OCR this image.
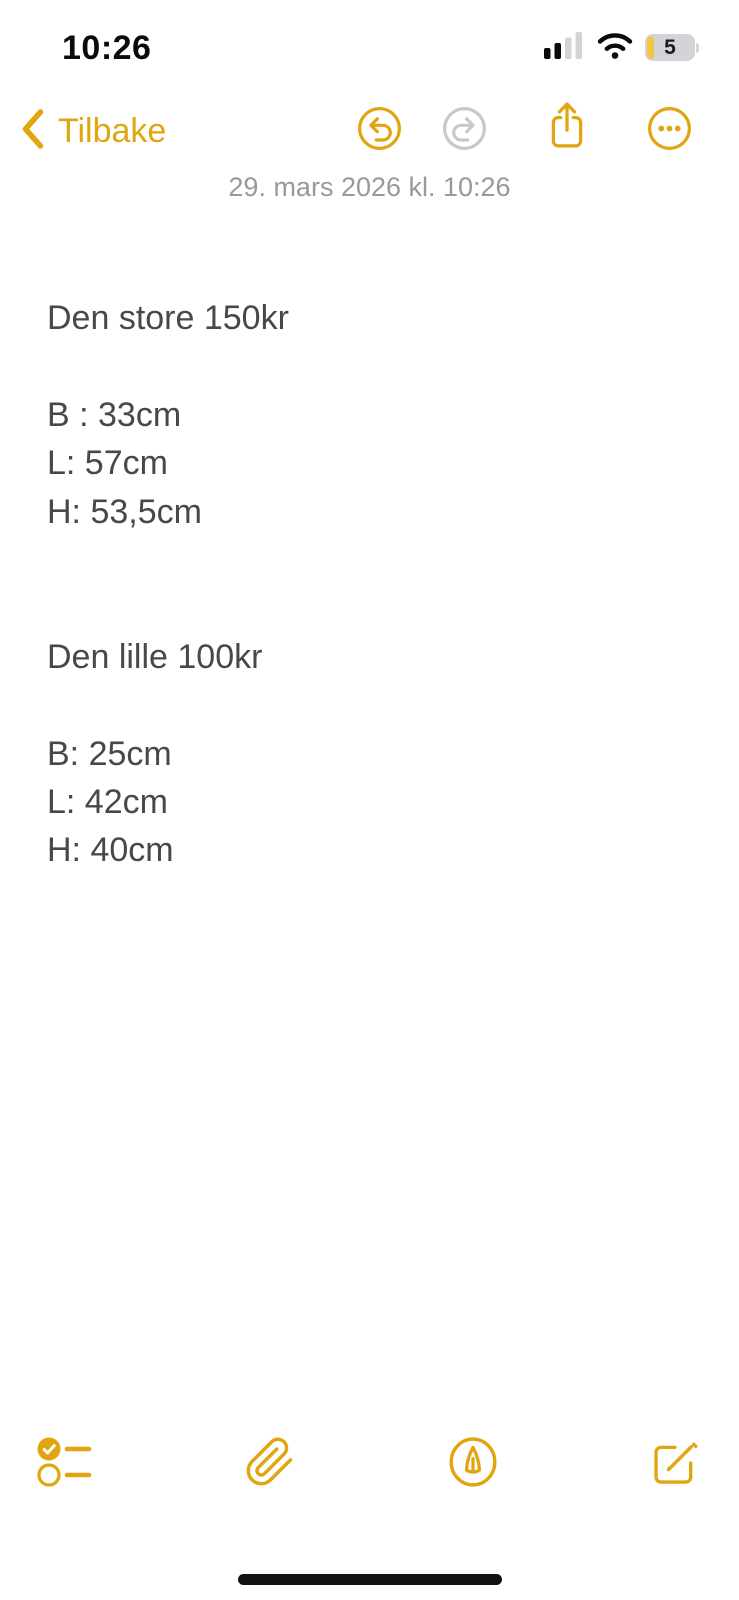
10:26	5
Tilbake
29. mars 2026 kl. 10:26
Den store 150kr
B : 33cm
L: 57cm
H: 53,5cm
Den lille 100kr
B: 25cm
L: 42cm
H: 40cm
